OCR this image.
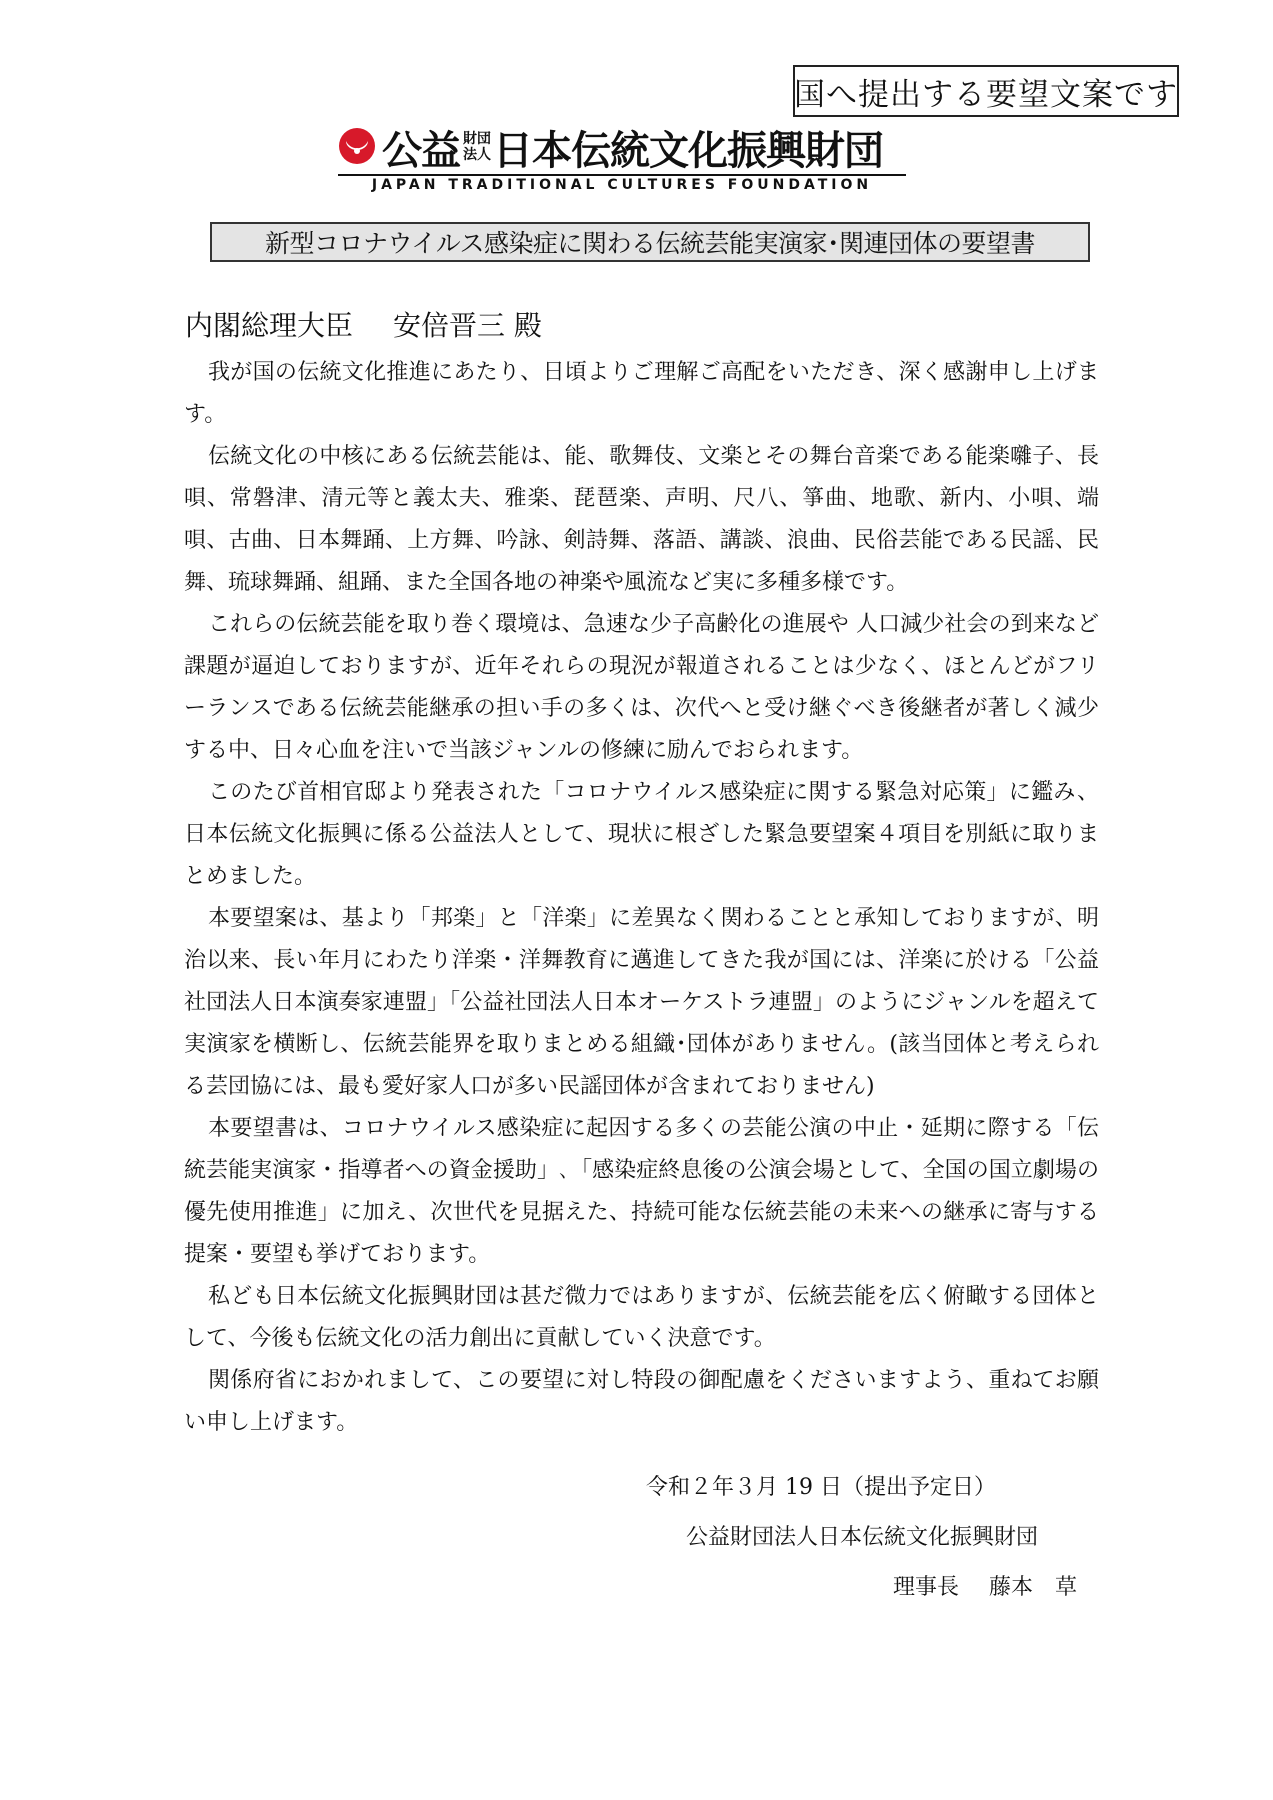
国へ提出する要望文案です
公益 財団
法人 日本伝統文化振興財団
JAPAN TRADITIONAL CULTURES FOUNDATION
新型コロナウイルス感染症に関わる伝統芸能実演家･関連団体の要望書
内閣総理大臣 安倍晋三 殿

我が国の伝統文化推進にあたり、日頃よりご理解ご高配をいただき、深く感謝申し上げます。

伝統文化の中核にある伝統芸能は、能、歌舞伎、文楽とその舞台音楽である能楽囃子、長唄、常磐津、清元等と義太夫、雅楽、琵琶楽、声明、尺八、箏曲、地歌、新内、小唄、端唄、古曲、日本舞踊、上方舞、吟詠、剣詩舞、落語、講談、浪曲、民俗芸能である民謡、民舞、琉球舞踊、組踊、また全国各地の神楽や風流など実に多種多様です。

これらの伝統芸能を取り巻く環境は、急速な少子高齢化の進展や 人口減少社会の到来など課題が逼迫しておりますが、近年それらの現況が報道されることは少なく、ほとんどがフリーランスである伝統芸能継承の担い手の多くは、次代へと受け継ぐべき後継者が著しく減少する中、日々心血を注いで当該ジャンルの修練に励んでおられます。

このたび首相官邸より発表された「コロナウイルス感染症に関する緊急対応策」に鑑み、日本伝統文化振興に係る公益法人として、現状に根ざした緊急要望案４項目を別紙に取りまとめました。

本要望案は、基より「邦楽」と「洋楽」に差異なく関わることと承知しておりますが、明治以来、長い年月にわたり洋楽・洋舞教育に邁進してきた我が国には、洋楽に於ける「公益社団法人日本演奏家連盟」「公益社団法人日本オーケストラ連盟」のようにジャンルを超えて実演家を横断し、伝統芸能界を取りまとめる組織･団体がありません。(該当団体と考えられる芸団協には、最も愛好家人口が多い民謡団体が含まれておりません)

本要望書は、コロナウイルス感染症に起因する多くの芸能公演の中止・延期に際する「伝統芸能実演家・指導者への資金援助」､「感染症終息後の公演会場として、全国の国立劇場の優先使用推進」に加え、次世代を見据えた、持続可能な伝統芸能の未来への継承に寄与する提案・要望も挙げております。

私ども日本伝統文化振興財団は甚だ微力ではありますが、伝統芸能を広く俯瞰する団体として、今後も伝統文化の活力創出に貢献していく決意です。

関係府省におかれまして、この要望に対し特段の御配慮をくださいますよう、重ねてお願い申し上げます。

令和２年３月 19 日（提出予定日）
公益財団法人日本伝統文化振興財団
理事長 藤本　草
